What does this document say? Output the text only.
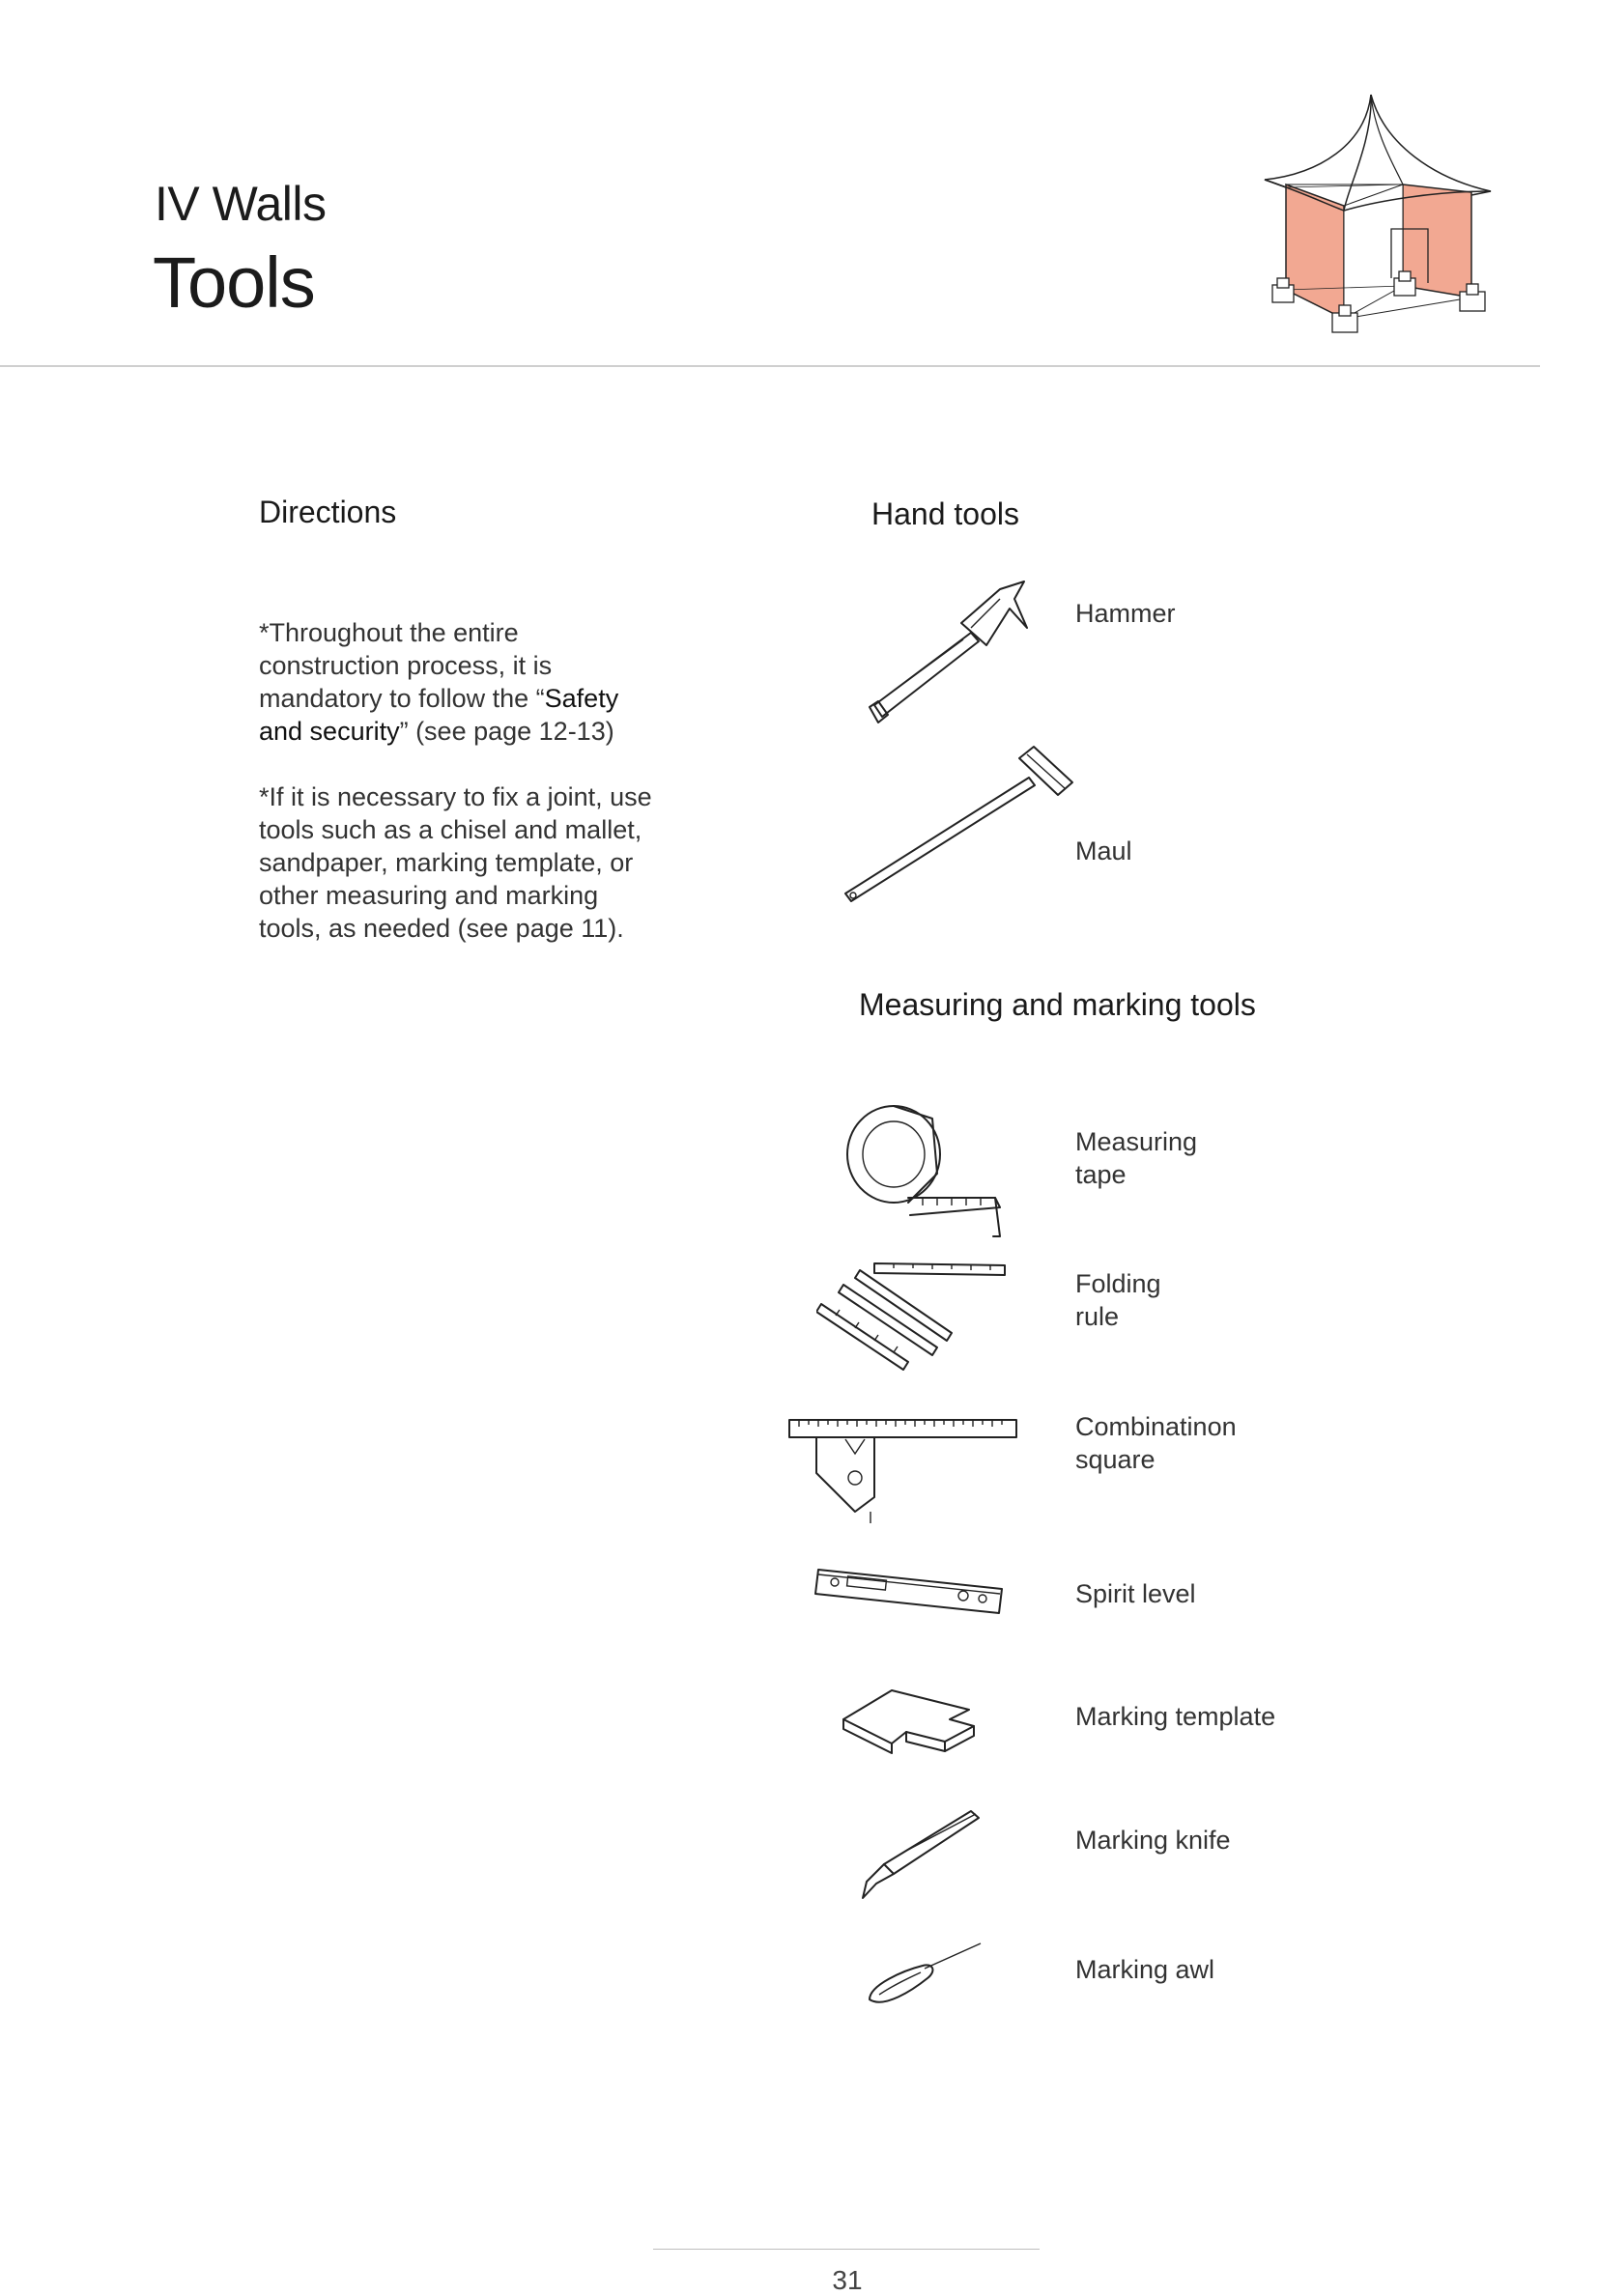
IV Walls
Tools
Directions
*Throughout the entire construction process, it is mandatory to follow the “Safety and security” (see page 12-13)
*If it is necessary to fix a joint, use tools such as a chisel and mallet, sandpaper, marking template, or other measuring and marking tools, as needed (see page 11).
Hand tools
Hammer
Maul
Measuring and marking tools
Measuring
tape
Folding
rule
Combinatinon
square
Spirit level
Marking template
Marking knife
Marking awl
31
